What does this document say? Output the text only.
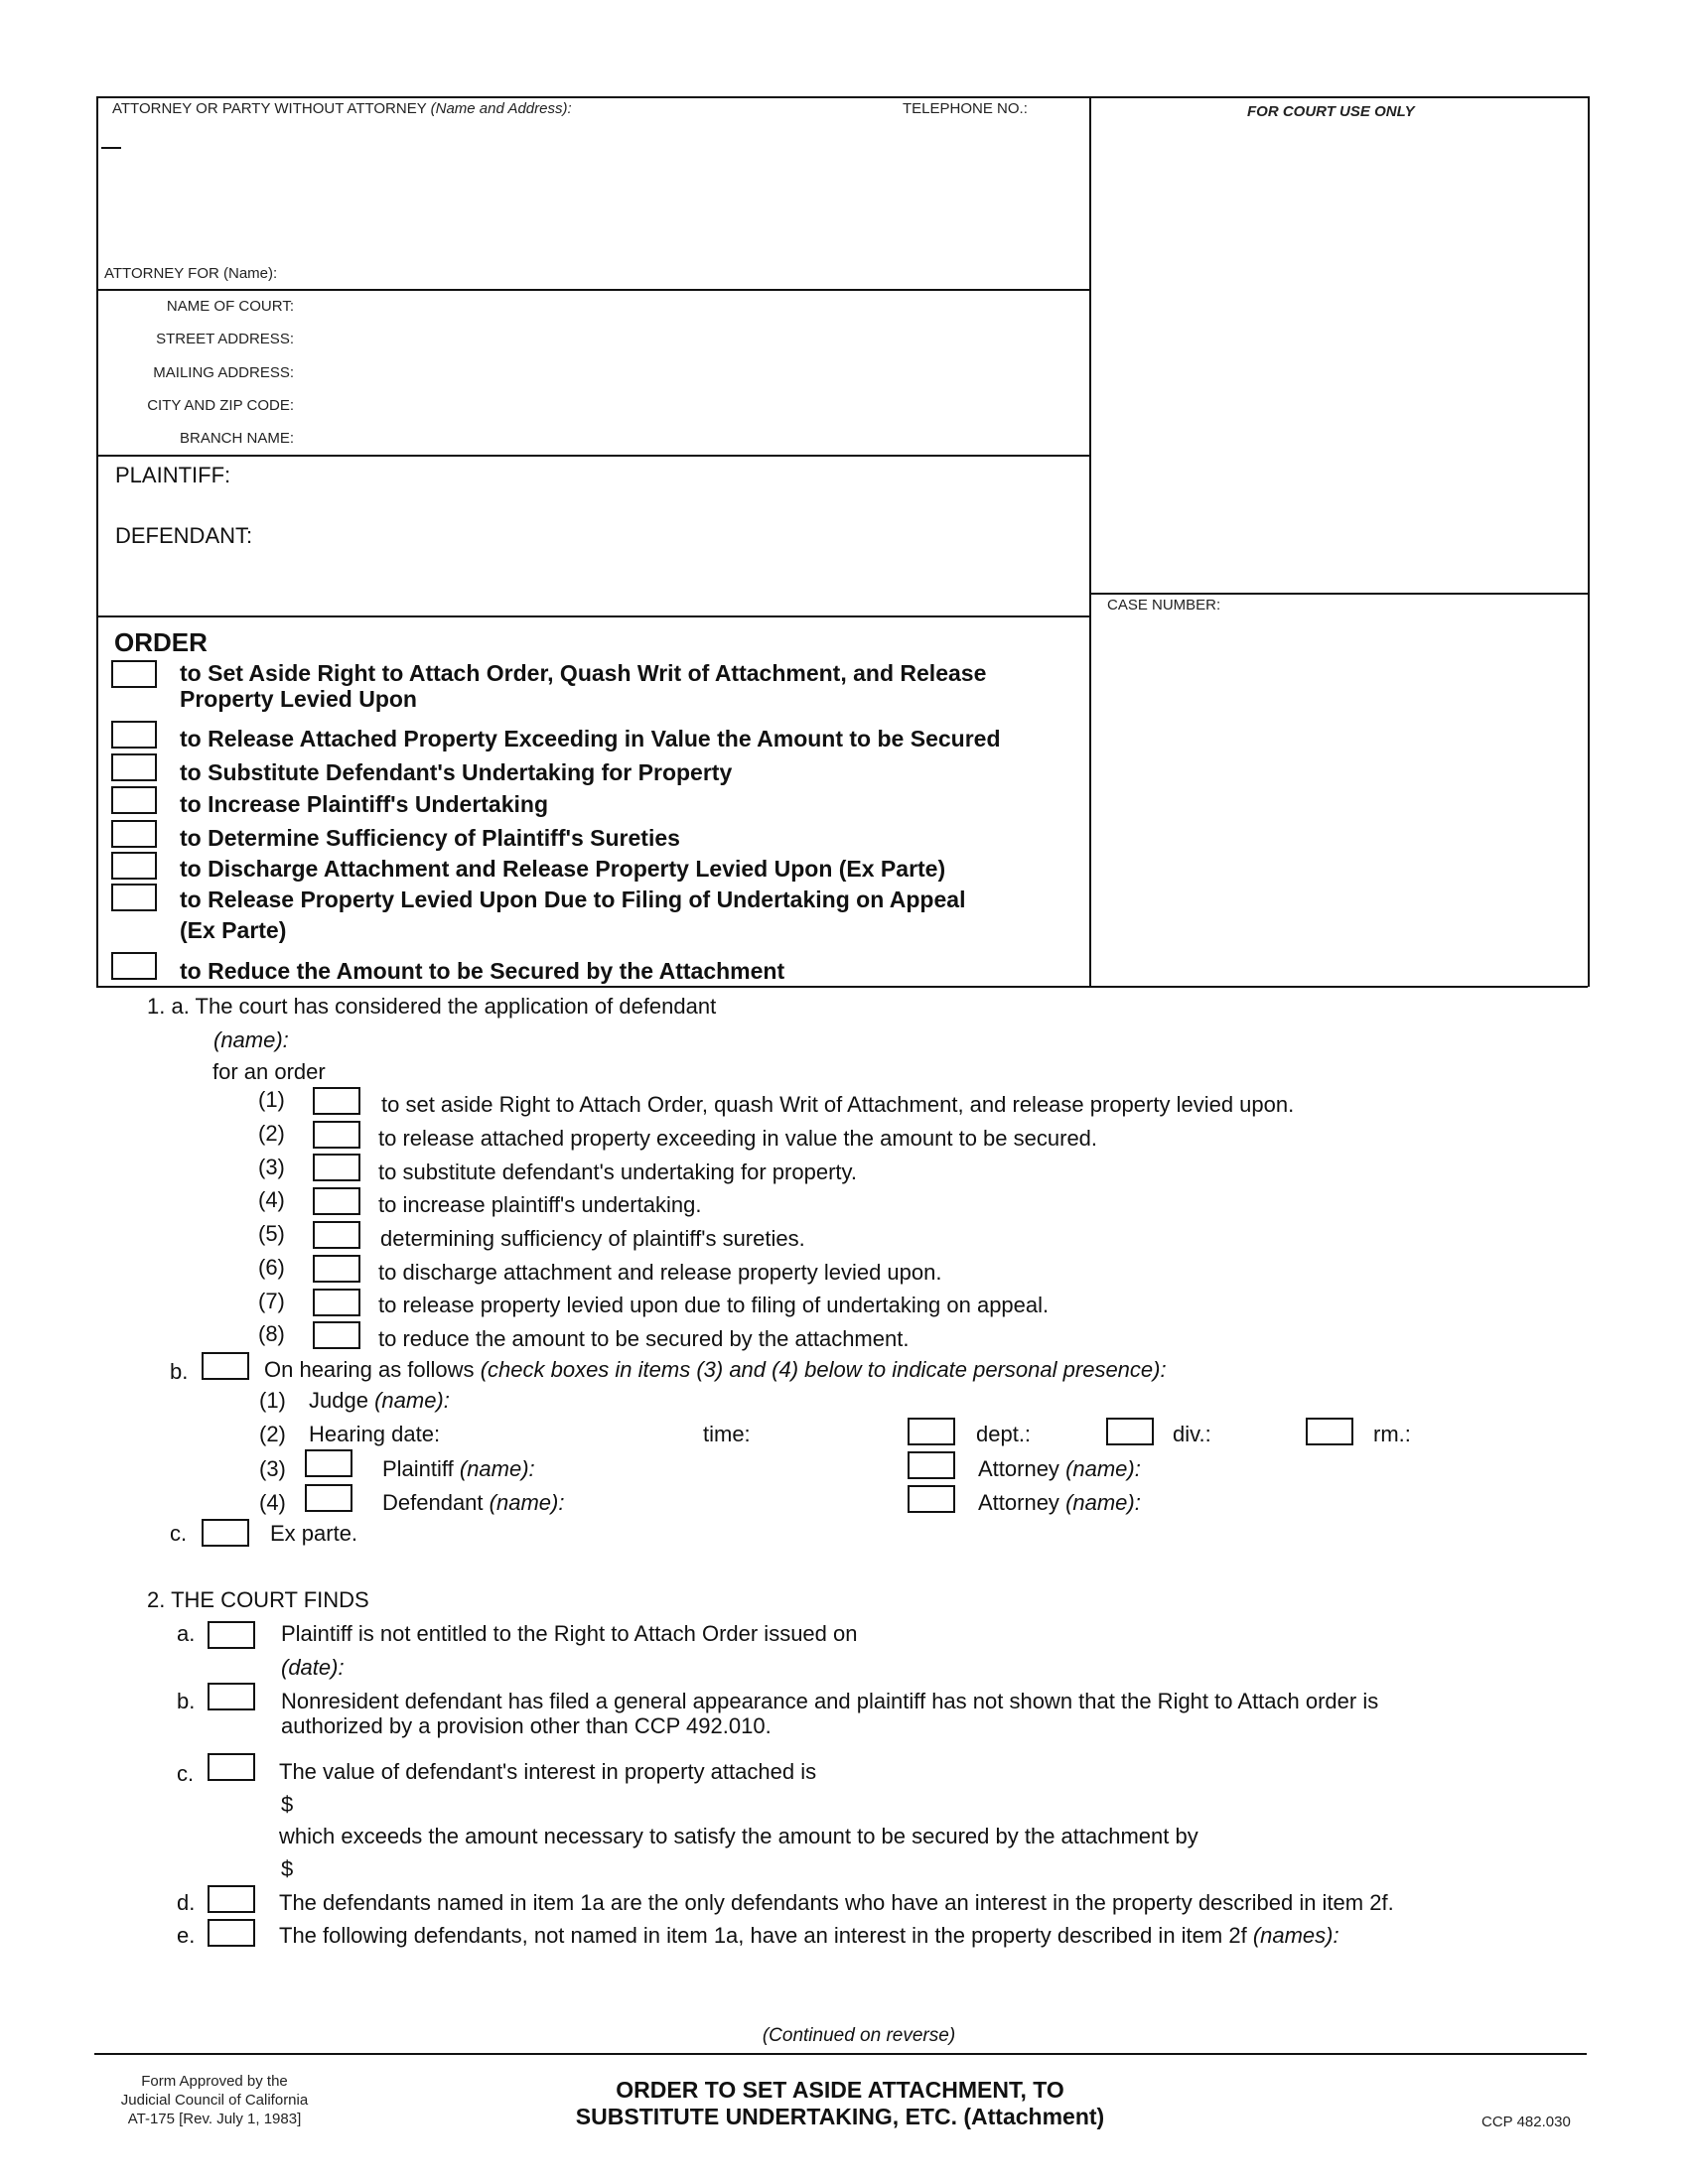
ATTORNEY OR PARTY WITHOUT ATTORNEY (Name and Address):	TELEPHONE NO.:	FOR COURT USE ONLY
ATTORNEY FOR (Name):
NAME OF COURT:
STREET ADDRESS:
MAILING ADDRESS:
CITY AND ZIP CODE:
BRANCH NAME:
PLAINTIFF:
DEFENDANT:
CASE NUMBER:
ORDER
to Set Aside Right to Attach Order, Quash Writ of Attachment, and Release
Property Levied Upon
to Release Attached Property Exceeding in Value the Amount to be Secured
to Substitute Defendant's Undertaking for Property
to Increase Plaintiff's Undertaking
to Determine Sufficiency of Plaintiff's Sureties
to Discharge Attachment and Release Property Levied Upon (Ex Parte)
to Release Property Levied Upon Due to Filing of Undertaking on Appeal
(Ex Parte)
to Reduce the Amount to be Secured by the Attachment
1. a. The court has considered the application of defendant
(name):
for an order
(1)	to set aside Right to Attach Order, quash Writ of Attachment, and release property levied upon.
(2)	to release attached property exceeding in value the amount to be secured.
(3)	to substitute defendant's undertaking for property.
(4)	to increase plaintiff's undertaking.
(5)	determining sufficiency of plaintiff's sureties.
(6)	to discharge attachment and release property levied upon.
(7)	to release property levied upon due to filing of undertaking on appeal.
(8)	to reduce the amount to be secured by the attachment.
b.	On hearing as follows (check boxes in items (3) and (4) below to indicate personal presence):
(1) Judge (name):
(2) Hearing date:	time:	dept.:	div.:	rm.:
(3)	Plaintiff (name):	Attorney (name):
(4)	Defendant (name):	Attorney (name):
c.	Ex parte.
2. THE COURT FINDS
a.	Plaintiff is not entitled to the Right to Attach Order issued on
(date):
b.	Nonresident defendant has filed a general appearance and plaintiff has not shown that the Right to Attach order is
authorized by a provision other than CCP 492.010.
c.	The value of defendant's interest in property attached is
$
which exceeds the amount necessary to satisfy the amount to be secured by the attachment by
$
d.	The defendants named in item 1a are the only defendants who have an interest in the property described in item 2f.
e.	The following defendants, not named in item 1a, have an interest in the property described in item 2f (names):
(Continued on reverse)
Form Approved by the
Judicial Council of California
AT-175 [Rev. July 1, 1983]
ORDER TO SET ASIDE ATTACHMENT, TO
SUBSTITUTE UNDERTAKING, ETC. (Attachment)	CCP 482.030
